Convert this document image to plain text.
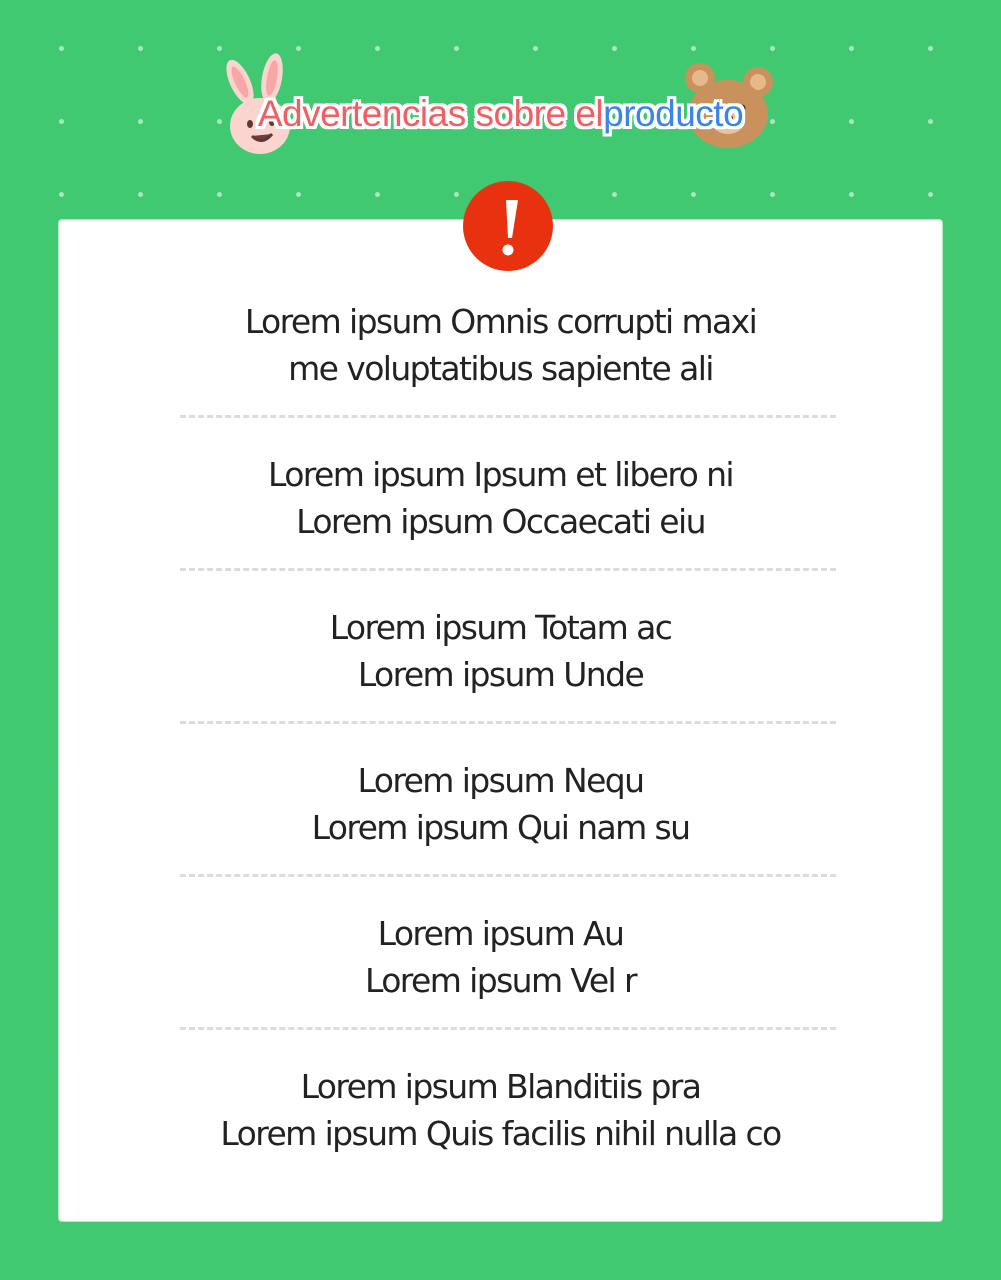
Advertencias sobre elproducto
Lorem ipsum Omnis corrupti maxi
me voluptatibus sapiente ali
Lorem ipsum Ipsum et libero ni
Lorem ipsum Occaecati eiu
Lorem ipsum Totam ac
Lorem ipsum Unde
Lorem ipsum Nequ
Lorem ipsum Qui nam su
Lorem ipsum Au
Lorem ipsum Vel r
Lorem ipsum Blanditiis pra
Lorem ipsum Quis facilis nihil nulla co
